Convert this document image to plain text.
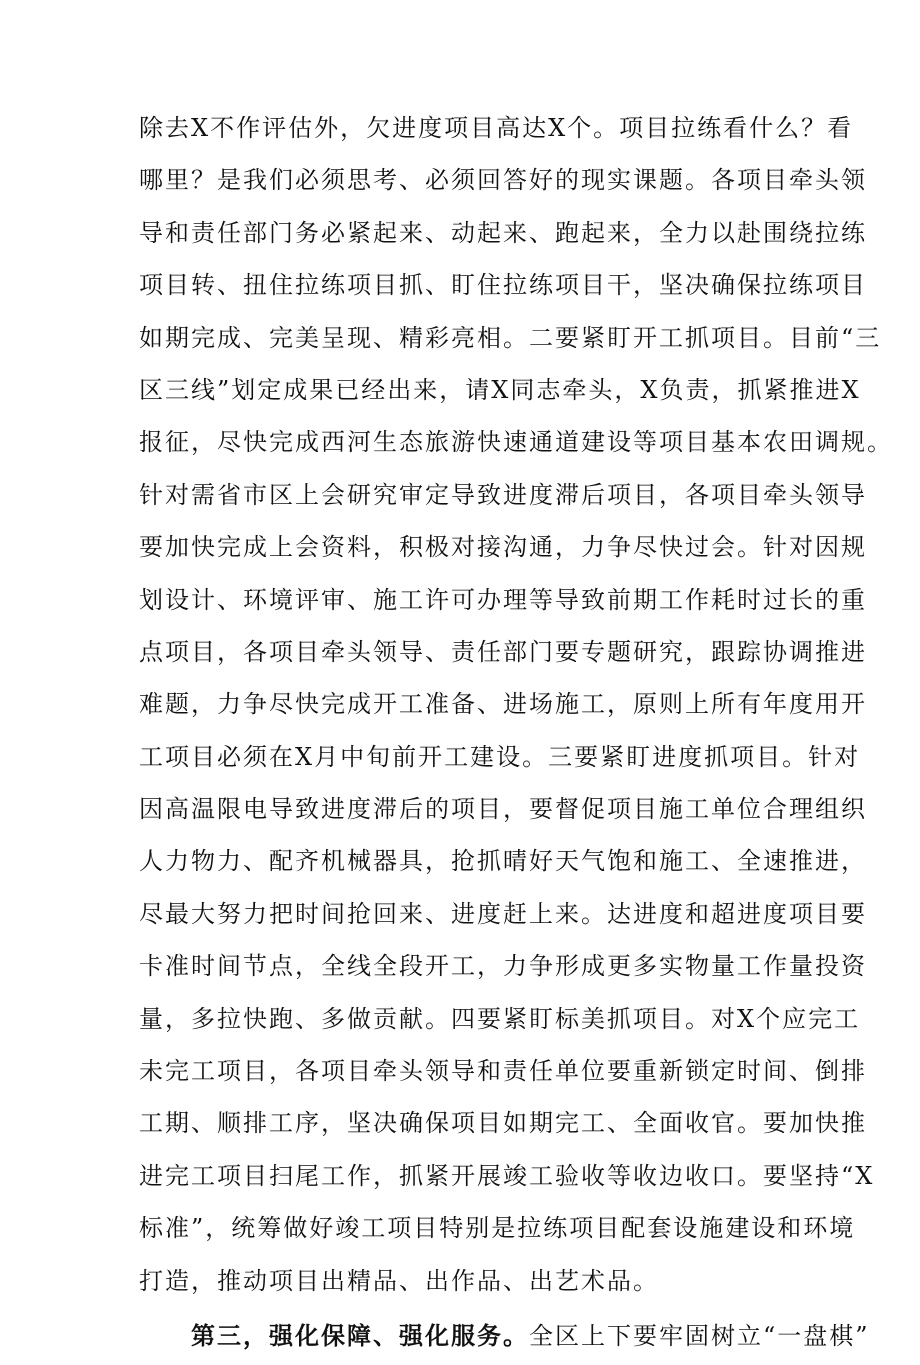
除去X不作评估外，欠进度项目高达X个。项目拉练看什么？看
哪里？是我们必须思考、必须回答好的现实课题。各项目牵头领
导和责任部门务必紧起来、动起来、跑起来，全力以赴围绕拉练
项目转、扭住拉练项目抓、盯住拉练项目干，坚决确保拉练项目
如期完成、完美呈现、精彩亮相。二要紧盯开工抓项目。目前“三
区三线”划定成果已经出来，请X同志牵头，X负责，抓紧推进X
报征，尽快完成西河生态旅游快速通道建设等项目基本农田调规。
针对需省市区上会研究审定导致进度滞后项目，各项目牵头领导
要加快完成上会资料，积极对接沟通，力争尽快过会。针对因规
划设计、环境评审、施工许可办理等导致前期工作耗时过长的重
点项目，各项目牵头领导、责任部门要专题研究，跟踪协调推进
难题，力争尽快完成开工准备、进场施工，原则上所有年度用开
工项目必须在X月中旬前开工建设。三要紧盯进度抓项目。针对
因高温限电导致进度滞后的项目，要督促项目施工单位合理组织
人力物力、配齐机械器具，抢抓晴好天气饱和施工、全速推进，
尽最大努力把时间抢回来、进度赶上来。达进度和超进度项目要
卡准时间节点，全线全段开工，力争形成更多实物量工作量投资
量，多拉快跑、多做贡献。四要紧盯标美抓项目。对X个应完工
未完工项目，各项目牵头领导和责任单位要重新锁定时间、倒排
工期、顺排工序，坚决确保项目如期完工、全面收官。要加快推
进完工项目扫尾工作，抓紧开展竣工验收等收边收口。要坚持“X
标准”，统筹做好竣工项目特别是拉练项目配套设施建设和环境
打造，推动项目出精品、出作品、出艺术品。
第三，强化保障、强化服务。全区上下要牢固树立“一盘棋”
